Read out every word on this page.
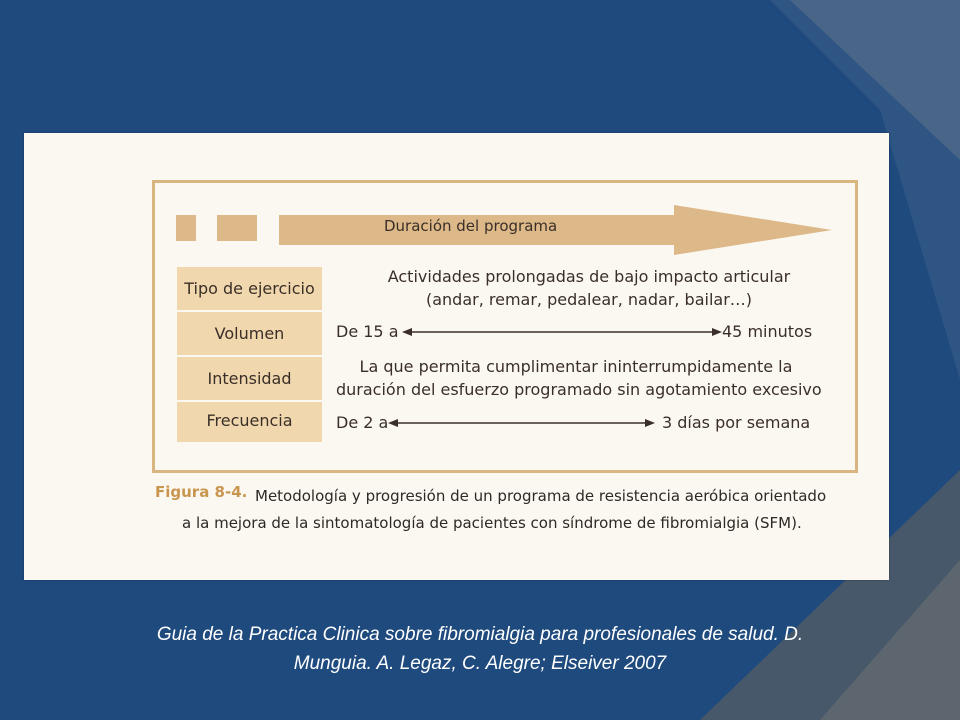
Duración del programa
Tipo de ejercicio
Volumen
Intensidad
Frecuencia
Actividades prolongadas de bajo impacto articular
(andar, remar, pedalear, nadar, bailar…)
De 15 a	45 minutos
La que permita cumplimentar ininterrumpidamente la
duración del esfuerzo programado sin agotamiento excesivo
De 2 a	3 días por semana
Figura 8-4. Metodología y progresión de un programa de resistencia aeróbica orientado
a la mejora de la sintomatología de pacientes con síndrome de fibromialgia (SFM).
Guia de la Practica Clinica sobre fibromialgia para profesionales de salud. D.
Munguia. A. Legaz, C. Alegre; Elseiver 2007
